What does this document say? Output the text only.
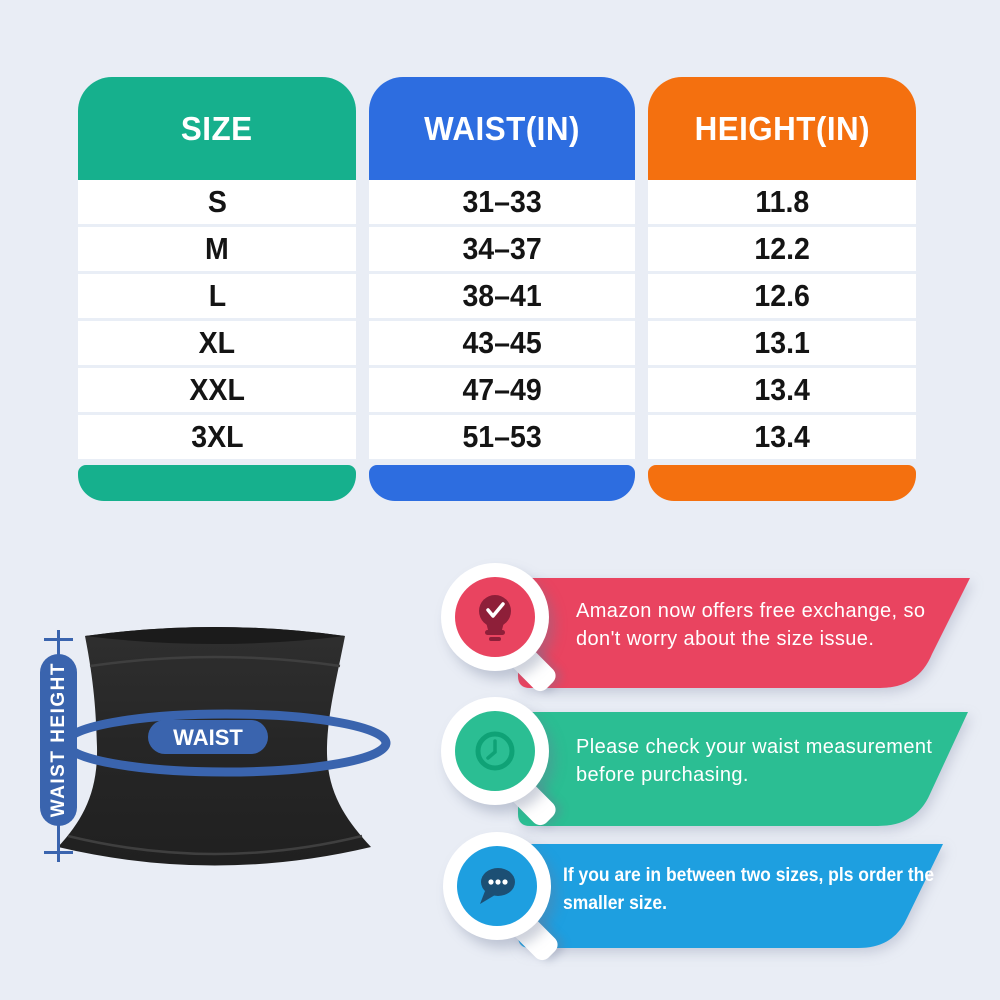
SIZE
S
M
L
XL
XXL
3XL
WAIST(IN)
31–33
34–37
38–41
43–45
47–49
51–53
HEIGHT(IN)
11.8
12.2
12.6
13.1
13.4
13.4
WAIST
WAIST HEIGHT
Amazon now offers free exchange, so don't worry about the size issue.
Please check your waist measurement before purchasing.
If you are in between two sizes, pls order the smaller size.
